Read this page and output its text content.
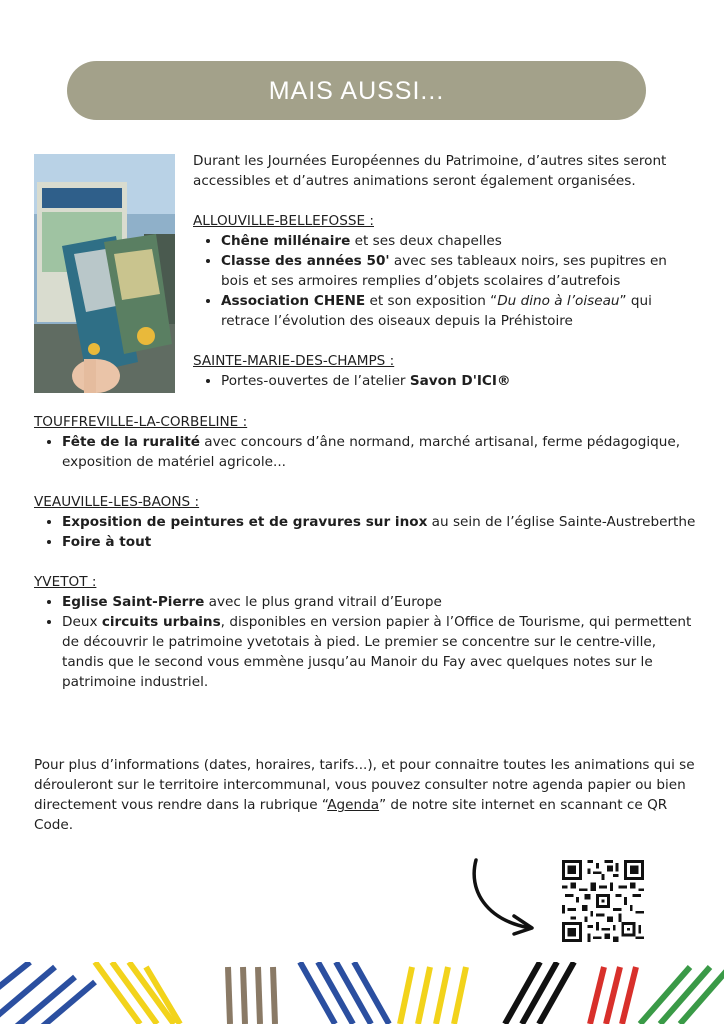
MAIS AUSSI...

Durant les Journées Européennes du Patrimoine, d’autres sites seront accessibles et d’autres animations seront également organisées.

ALLOUVILLE-BELLEFOSSE :

• Chêne millénaire et ses deux chapelles
• Classe des années 50' avec ses tableaux noirs, ses pupitres en bois et ses armoires remplies d’objets scolaires d’autrefois
• Association CHENE et son exposition “Du dino à l’oiseau” qui retrace l’évolution des oiseaux depuis la Préhistoire

SAINTE-MARIE-DES-CHAMPS :

• Portes-ouvertes de l’atelier Savon D'ICI®

TOUFFREVILLE-LA-CORBELINE :

• Fête de la ruralité avec concours d’âne normand, marché artisanal, ferme pédagogique, exposition de matériel agricole...

VEAUVILLE-LES-BAONS :

• Exposition de peintures et de gravures sur inox au sein de l’église Sainte-Austreberthe
• Foire à tout

YVETOT :

• Eglise Saint-Pierre avec le plus grand vitrail d’Europe
• Deux circuits urbains, disponibles en version papier à l’Office de Tourisme, qui permettent de découvrir le patrimoine yvetotais à pied. Le premier se concentre sur le centre-ville, tandis que le second vous emmène jusqu’au Manoir du Fay avec quelques notes sur le patrimoine industriel.

Pour plus d’informations (dates, horaires, tarifs...), et pour connaitre toutes les animations qui se dérouleront sur le territoire intercommunal, vous pouvez consulter notre agenda papier ou bien directement vous rendre dans la rubrique “Agenda” de notre site internet en scannant ce QR Code.
